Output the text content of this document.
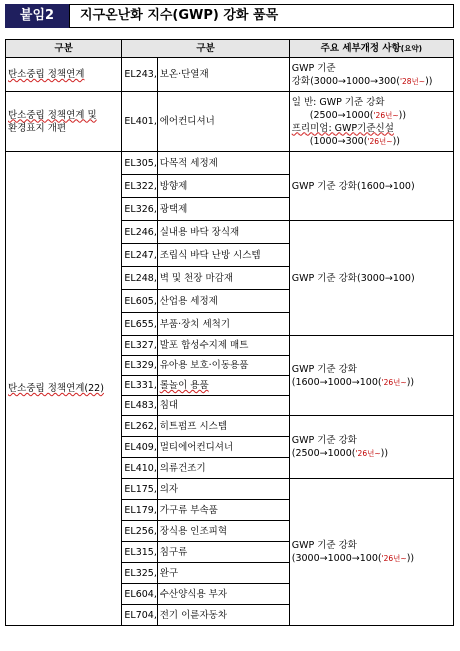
붙임2	지구온난화 지수(GWP) 강화 품목
구분	구분		주요 세부개정 사항(요약)
탄소중립 정책연계	EL243,	보온·단열재	GWP 기준
강화(3000→1000→300('28년~))
탄소중립 정책연계 및
환경표지 개편	EL401,	에어컨디셔너	일 반: GWP 기준 강화

(2500→1000('26년~))
프리미엄: GWP기준신설

(1000→300('26년~))

탄소중립 정책연계(22)	EL305,	다목적 세정제	GWP 기준 강화(1600→100)
	EL322,	방향제	
	EL326,	광택제	
	EL246,	실내용 바닥 장식재	GWP 기준 강화(3000→100)
	EL247,	조립식 바닥 난방 시스템	
	EL248,	벽 및 천장 마감재	
	EL605,	산업용 세정제	
	EL655,	부품·장치 세척기	
	EL327,	발포 합성수지제 매트	GWP 기준 강화
(1600→1000→100('26년~))
	EL329,	유아용 보호·이동용품	
	EL331,	롤놀이 용품	
	EL483,	침대	
	EL262,	히트펌프 시스템	GWP 기준 강화
(2500→1000('26년~))
	EL409,	멀티에어컨디셔너	
	EL410,	의류건조기	
	EL175,	의자	GWP 기준 강화
(3000→1000→100('26년~))
	EL179,	가구류 부속품	
	EL256,	장식용 인조피혁	
	EL315,	침구류	
	EL325,	완구	
	EL604,	수산양식용 부자	
	EL704,	전기 이륜자동차	
